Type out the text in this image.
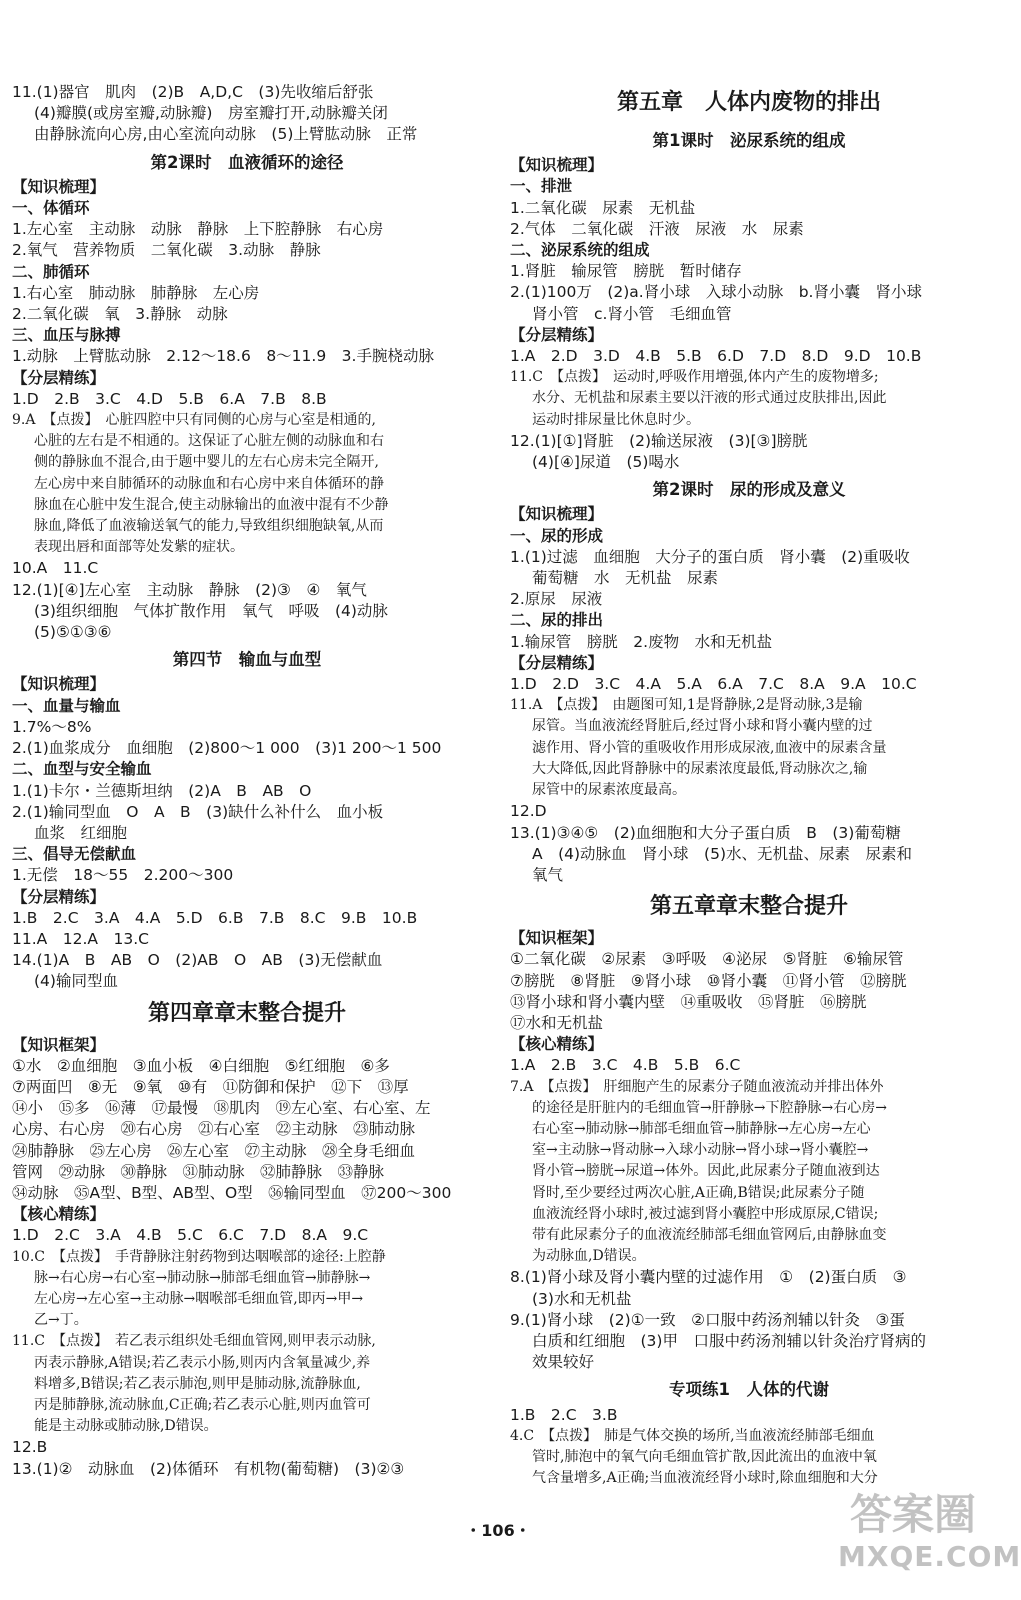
11.(1)器官　肌肉　(2)B　A,D,C　(3)先收缩后舒张
(4)瓣膜(或房室瓣,动脉瓣)　房室瓣打开,动脉瓣关闭
由静脉流向心房,由心室流向动脉　(5)上臂肱动脉　正常
第2课时　血液循环的途径
【知识梳理】
一、体循环
1.左心室　主动脉　动脉　静脉　上下腔静脉　右心房
2.氧气　营养物质　二氧化碳　3.动脉　静脉
二、肺循环
1.右心室　肺动脉　肺静脉　左心房
2.二氧化碳　氧　3.静脉　动脉
三、血压与脉搏
1.动脉　上臂肱动脉　2.12～18.6　8～11.9　3.手腕桡动脉
【分层精练】
1.D　2.B　3.C　4.D　5.B　6.A　7.B　8.B
9.A　【点拨】　心脏四腔中只有同侧的心房与心室是相通的,
心脏的左右是不相通的。这保证了心脏左侧的动脉血和右
侧的静脉血不混合,由于题中婴儿的左右心房未完全隔开,
左心房中来自肺循环的动脉血和右心房中来自体循环的静
脉血在心脏中发生混合,使主动脉输出的血液中混有不少静
脉血,降低了血液输送氧气的能力,导致组织细胞缺氧,从而
表现出唇和面部等处发紫的症状。
10.A　11.C
12.(1)[④]左心室　主动脉　静脉　(2)③　④　氧气
(3)组织细胞　气体扩散作用　氧气　呼吸　(4)动脉
(5)⑤①③⑥
第四节　输血与血型
【知识梳理】
一、血量与输血
1.7%～8%
2.(1)血浆成分　血细胞　(2)800～1 000　(3)1 200～1 500
二、血型与安全输血
1.(1)卡尔・兰德斯坦纳　(2)A　B　AB　O
2.(1)输同型血　O　A　B　(3)缺什么补什么　血小板
血浆　红细胞
三、倡导无偿献血
1.无偿　18～55　2.200～300
【分层精练】
1.B　2.C　3.A　4.A　5.D　6.B　7.B　8.C　9.B　10.B
11.A　12.A　13.C
14.(1)A　B　AB　O　(2)AB　O　AB　(3)无偿献血
(4)输同型血
第四章章末整合提升
【知识框架】
①水　②血细胞　③血小板　④白细胞　⑤红细胞　⑥多
⑦两面凹　⑧无　⑨氧　⑩有　⑪防御和保护　⑫下　⑬厚
⑭小　⑮多　⑯薄　⑰最慢　⑱肌肉　⑲左心室、右心室、左
心房、右心房　⑳右心房　㉑右心室　㉒主动脉　㉓肺动脉
㉔肺静脉　㉕左心房　㉖左心室　㉗主动脉　㉘全身毛细血
管网　㉙动脉　㉚静脉　㉛肺动脉　㉜肺静脉　㉝静脉
㉞动脉　㉟A型、B型、AB型、O型　㊱输同型血　㊲200～300
【核心精练】
1.D　2.C　3.A　4.B　5.C　6.C　7.D　8.A　9.C
10.C　【点拨】　手背静脉注射药物到达咽喉部的途径:上腔静
脉→右心房→右心室→肺动脉→肺部毛细血管→肺静脉→
左心房→左心室→主动脉→咽喉部毛细血管,即丙→甲→
乙→丁。
11.C　【点拨】　若乙表示组织处毛细血管网,则甲表示动脉,
丙表示静脉,A错误;若乙表示小肠,则丙内含氧量减少,养
料增多,B错误;若乙表示肺泡,则甲是肺动脉,流静脉血,
丙是肺静脉,流动脉血,C正确;若乙表示心脏,则丙血管可
能是主动脉或肺动脉,D错误。
12.B
13.(1)②　动脉血　(2)体循环　有机物(葡萄糖)　(3)②③
第五章　人体内废物的排出
第1课时　泌尿系统的组成
【知识梳理】
一、排泄
1.二氧化碳　尿素　无机盐
2.气体　二氧化碳　汗液　尿液　水　尿素
二、泌尿系统的组成
1.肾脏　输尿管　膀胱　暂时储存
2.(1)100万　(2)a.肾小球　入球小动脉　b.肾小囊　肾小球
肾小管　c.肾小管　毛细血管
【分层精练】
1.A　2.D　3.D　4.B　5.B　6.D　7.D　8.D　9.D　10.B
11.C　【点拨】　运动时,呼吸作用增强,体内产生的废物增多;
水分、无机盐和尿素主要以汗液的形式通过皮肤排出,因此
运动时排尿量比休息时少。
12.(1)[①]肾脏　(2)输送尿液　(3)[③]膀胱
(4)[④]尿道　(5)喝水
第2课时　尿的形成及意义
【知识梳理】
一、尿的形成
1.(1)过滤　血细胞　大分子的蛋白质　肾小囊　(2)重吸收
葡萄糖　水　无机盐　尿素
2.原尿　尿液
二、尿的排出
1.输尿管　膀胱　2.废物　水和无机盐
【分层精练】
1.D　2.D　3.C　4.A　5.A　6.A　7.C　8.A　9.A　10.C
11.A　【点拨】　由题图可知,1是肾静脉,2是肾动脉,3是输
尿管。当血液流经肾脏后,经过肾小球和肾小囊内壁的过
滤作用、肾小管的重吸收作用形成尿液,血液中的尿素含量
大大降低,因此肾静脉中的尿素浓度最低,肾动脉次之,输
尿管中的尿素浓度最高。
12.D
13.(1)③④⑤　(2)血细胞和大分子蛋白质　B　(3)葡萄糖
A　(4)动脉血　肾小球　(5)水、无机盐、尿素　尿素和
氧气
第五章章末整合提升
【知识框架】
①二氧化碳　②尿素　③呼吸　④泌尿　⑤肾脏　⑥输尿管
⑦膀胱　⑧肾脏　⑨肾小球　⑩肾小囊　⑪肾小管　⑫膀胱
⑬肾小球和肾小囊内壁　⑭重吸收　⑮肾脏　⑯膀胱
⑰水和无机盐
【核心精练】
1.A　2.B　3.C　4.B　5.B　6.C
7.A　【点拨】　肝细胞产生的尿素分子随血液流动并排出体外
的途径是肝脏内的毛细血管→肝静脉→下腔静脉→右心房→
右心室→肺动脉→肺部毛细血管→肺静脉→左心房→左心
室→主动脉→肾动脉→入球小动脉→肾小球→肾小囊腔→
肾小管→膀胱→尿道→体外。因此,此尿素分子随血液到达
肾时,至少要经过两次心脏,A正确,B错误;此尿素分子随
血液流经肾小球时,被过滤到肾小囊腔中形成原尿,C错误;
带有此尿素分子的血液流经肺部毛细血管网后,由静脉血变
为动脉血,D错误。
8.(1)肾小球及肾小囊内壁的过滤作用　①　(2)蛋白质　③
(3)水和无机盐
9.(1)肾小球　(2)①一致　②口服中药汤剂辅以针灸　③蛋
白质和红细胞　(3)甲　口服中药汤剂辅以针灸治疗肾病的
效果较好
专项练1　人体的代谢
1.B　2.C　3.B
4.C　【点拨】　肺是气体交换的场所,当血液流经肺部毛细血
管时,肺泡中的氧气向毛细血管扩散,因此流出的血液中氧
气含量增多,A正确;当血液流经肾小球时,除血细胞和大分
・106・	答案圈
MXQE.COM
